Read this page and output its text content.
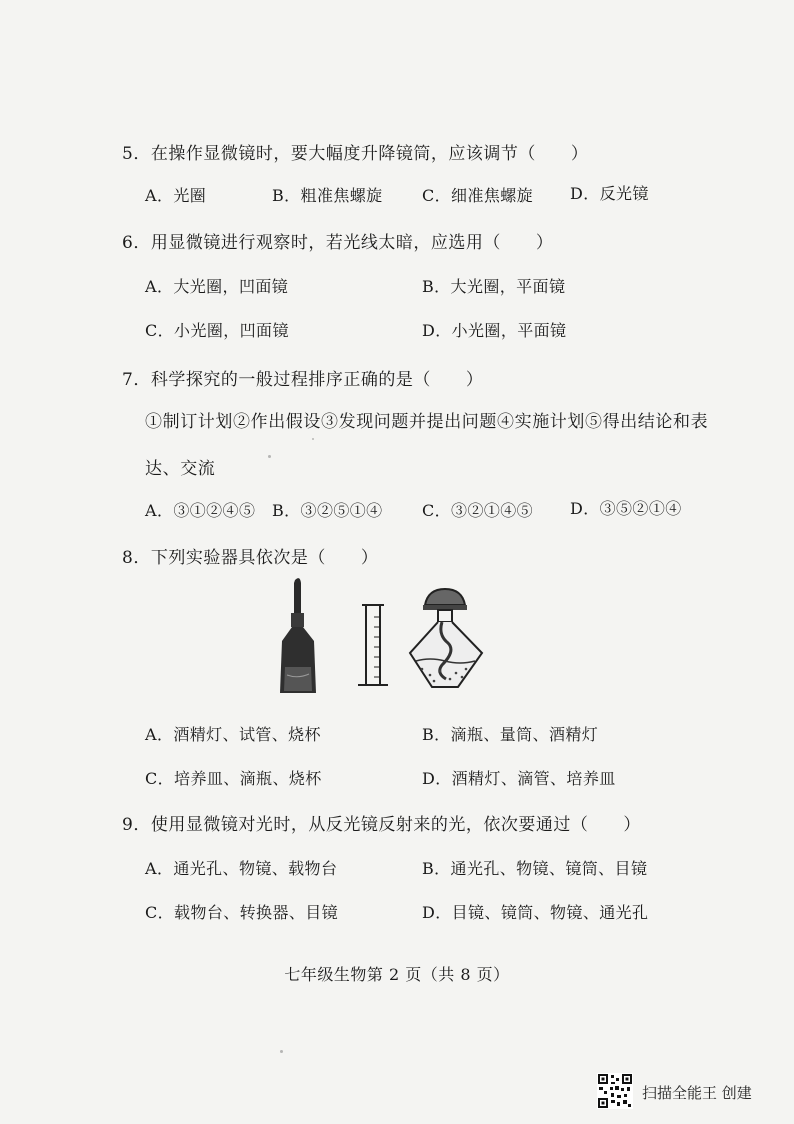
5．在操作显微镜时，要大幅度升降镜筒，应该调节（　　）
A．光圈	B．粗准焦螺旋 C．细准焦螺旋 D．反光镜
6．用显微镜进行观察时，若光线太暗，应选用（　　）
A．大光圈，凹面镜	B．大光圈，平面镜
C．小光圈，凹面镜	D．小光圈，平面镜
7．科学探究的一般过程排序正确的是（　　）
①制订计划②作出假设③发现问题并提出问题④实施计划⑤得出结论和表
达、交流
A．③①②④⑤ B．③②⑤①④ C．③②①④⑤ D．③⑤②①④
8．下列实验器具依次是（　　）
A．酒精灯、试管、烧杯	B．滴瓶、量筒、酒精灯
C．培养皿、滴瓶、烧杯	D．酒精灯、滴管、培养皿
9．使用显微镜对光时，从反光镜反射来的光，依次要通过（　　）
A．通光孔、物镜、载物台	B．通光孔、物镜、镜筒、目镜
C．载物台、转换器、目镜	D．目镜、镜筒、物镜、通光孔
七年级生物第 2 页（共 8 页）
扫描全能王 创建
